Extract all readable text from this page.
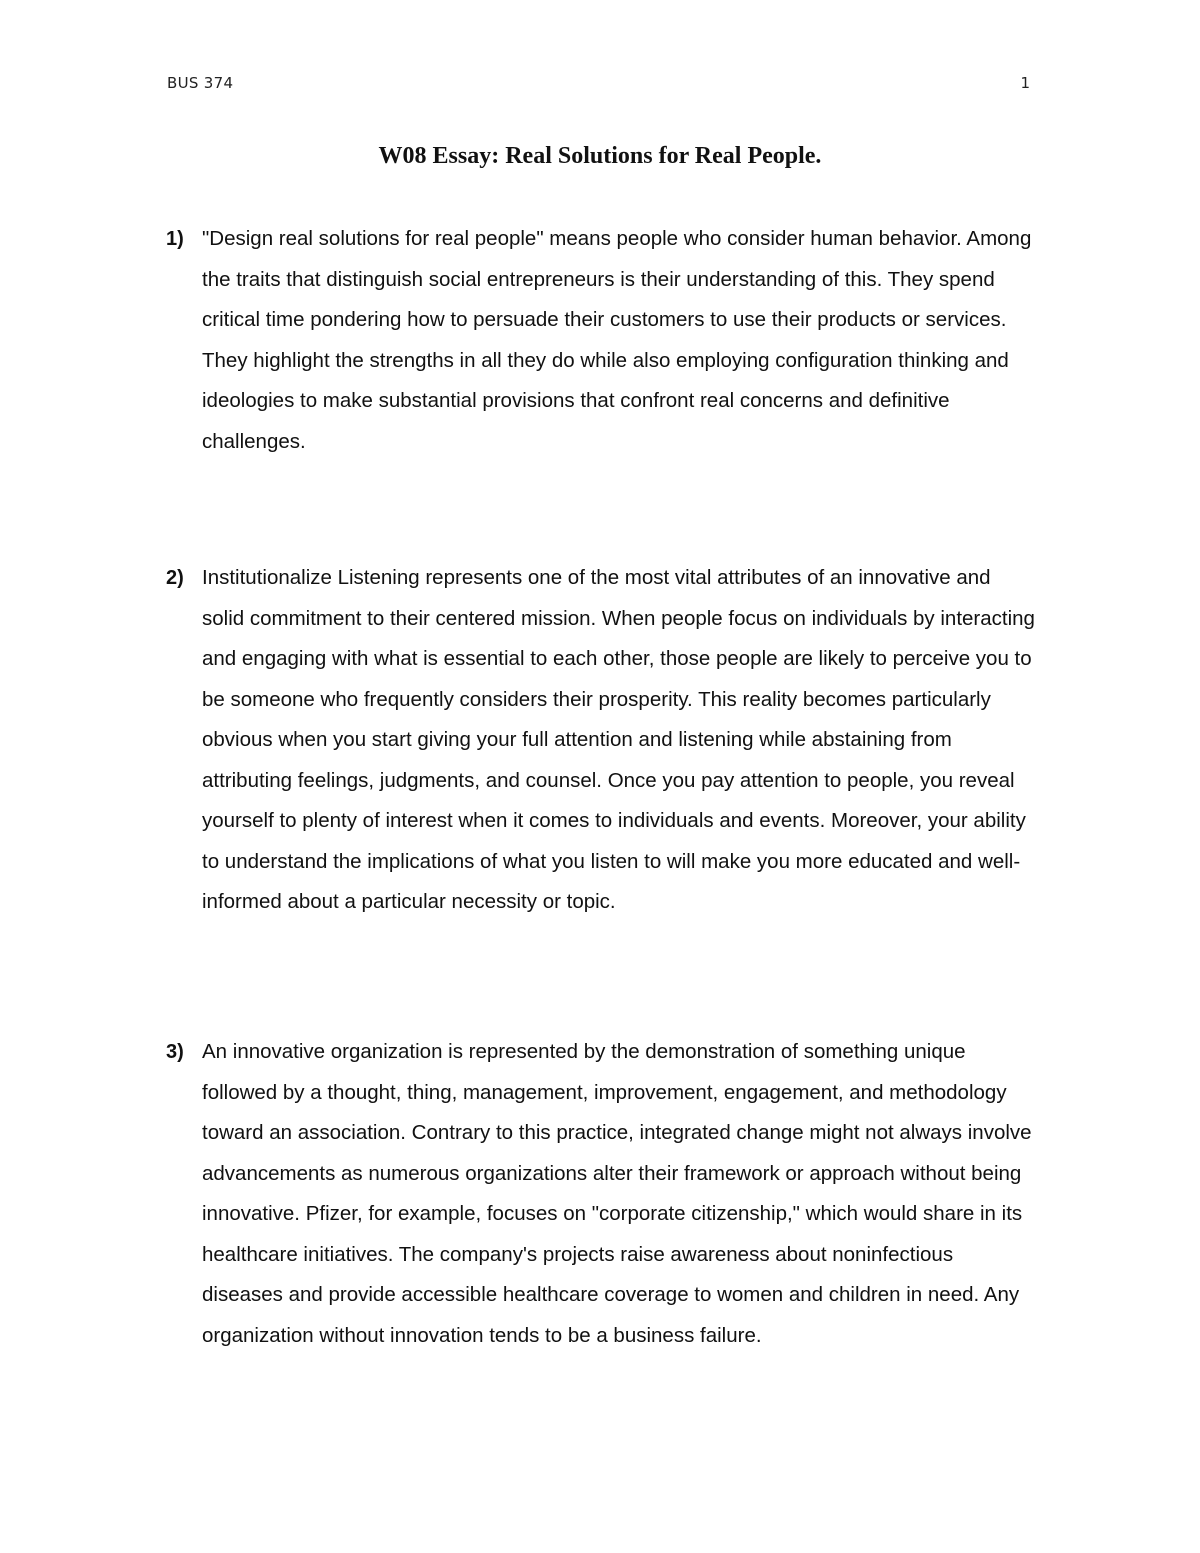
BUS 374	1
W08 Essay: Real Solutions for Real People.
1) "Design real solutions for real people" means people who consider human behavior. Among the traits that distinguish social entrepreneurs is their understanding of this. They spend critical time pondering how to persuade their customers to use their products or services. They highlight the strengths in all they do while also employing configuration thinking and ideologies to make substantial provisions that confront real concerns and definitive challenges.

2) Institutionalize Listening represents one of the most vital attributes of an innovative and solid commitment to their centered mission. When people focus on individuals by interacting and engaging with what is essential to each other, those people are likely to perceive you to be someone who frequently considers their prosperity. This reality becomes particularly obvious when you start giving your full attention and listening while abstaining from attributing feelings, judgments, and counsel. Once you pay attention to people, you reveal yourself to plenty of interest when it comes to individuals and events. Moreover, your ability to understand the implications of what you listen to will make you more educated and well-informed about a particular necessity or topic.

3) An innovative organization is represented by the demonstration of something unique followed by a thought, thing, management, improvement, engagement, and methodology toward an association. Contrary to this practice, integrated change might not always involve advancements as numerous organizations alter their framework or approach without being innovative. Pfizer, for example, focuses on "corporate citizenship," which would share in its healthcare initiatives. The company's projects raise awareness about noninfectious diseases and provide accessible healthcare coverage to women and children in need. Any organization without innovation tends to be a business failure.
